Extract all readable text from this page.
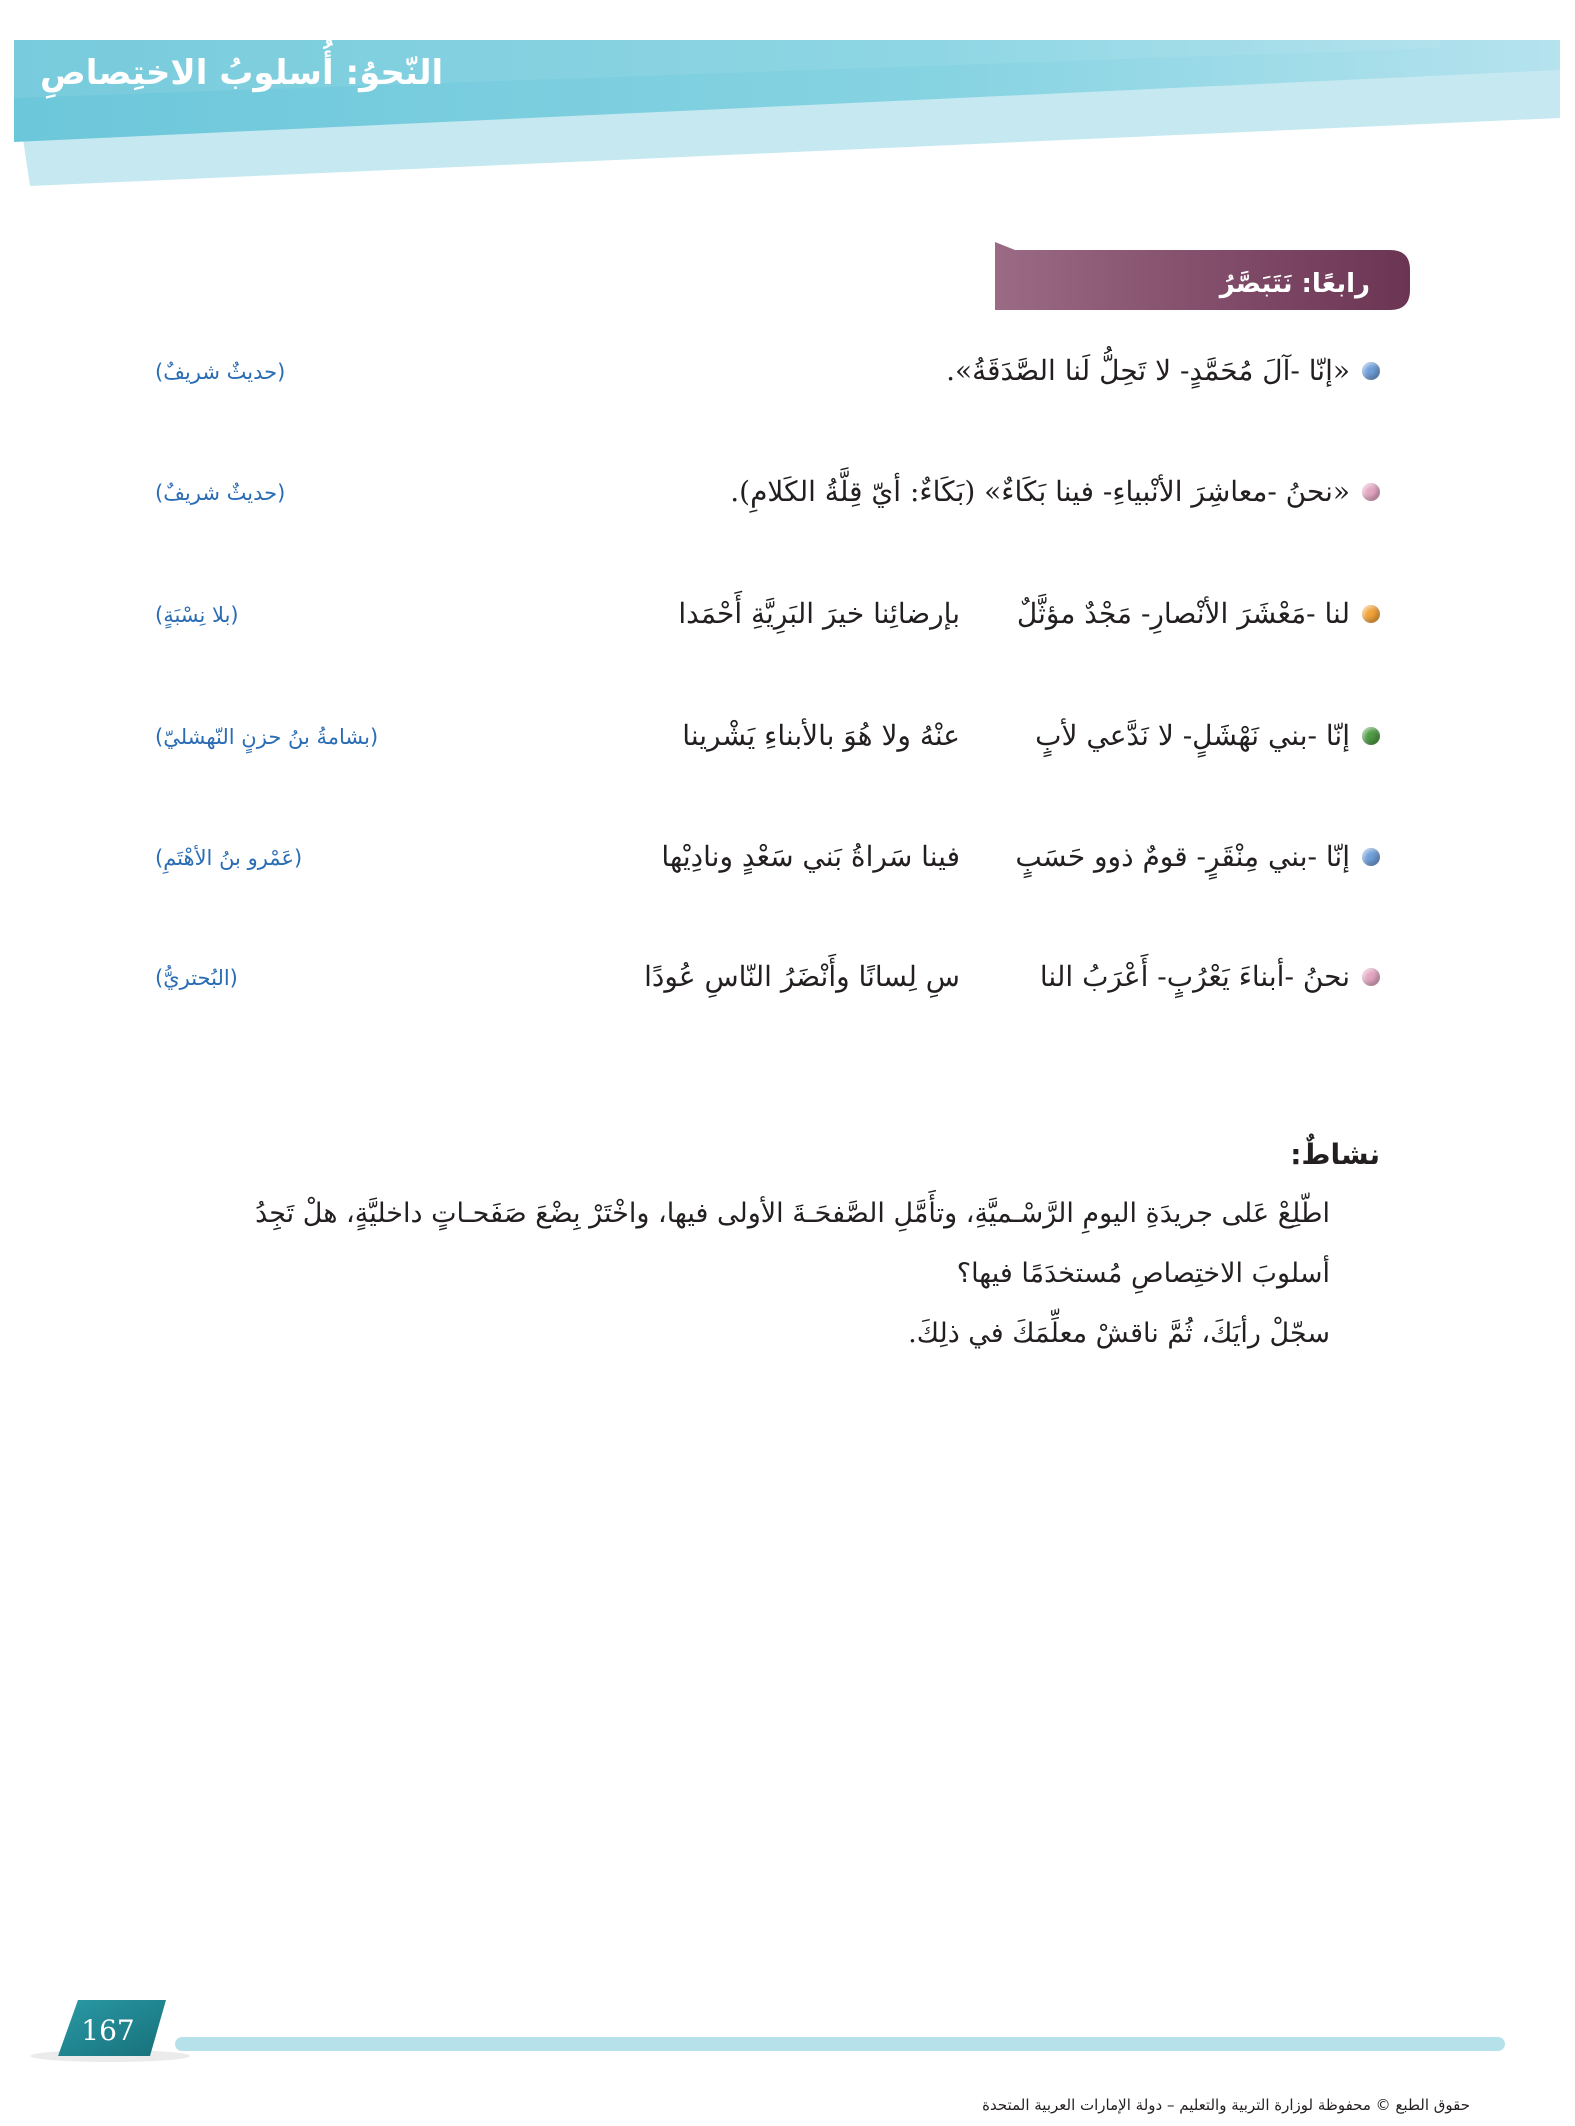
النّحوُ: أُسلوبُ الاختِصاصِ
رابعًا: نَتَبَصَّرُ
«إنّا -آلَ مُحَمَّدٍ- لا تَحِلُّ لَنا الصَّدَقَةُ».
(حديثٌ شريفٌ)
«نحنُ -معاشِرَ الأنْبياءِ- فينا بَكَاءٌ» (بَكَاءٌ: أيّ قِلَّةُ الكَلامِ).
(حديثٌ شريفٌ)
لنا -مَعْشَرَ الأنْصارِ- مَجْدٌ مؤثَّلٌ
بإرضائِنا خيرَ البَرِيَّةِ أَحْمَدا
(بلا نِسْبَةٍ)
إنّا -بني نَهْشَلٍ- لا نَدَّعي لأبٍ
عنْهُ ولا هُوَ بالأبناءِ يَشْرينا
(بشامةُ بنُ حزنٍ النّهشليّ)
إنّا -بني مِنْقَرٍ- قومٌ ذوو حَسَبٍ
فينا سَراةُ بَني سَعْدٍ ونادِيْها
(عَمْرو بنُ الأهْتَمِ)
نحنُ -أبناءَ يَعْرُبٍ- أَعْرَبُ النا
سِ لِسانًا وأَنْضَرُ النّاسِ عُودًا
(البُحتريُّ)
نشاطٌ:
اطّلِعْ عَلى جريدَةِ اليومِ الرَّسْـميَّةِ، وتأَمَّلِ الصَّفحَـةَ الأولى فيها، واخْتَرْ بِضْعَ صَفَحـاتٍ داخليَّةٍ، هلْ تَجِدُ
أسلوبَ الاختِصاصِ مُستخدَمًا فيها؟
سجّلْ رأيَكَ، ثُمَّ ناقشْ معلِّمَكَ في ذلِكَ.
167
حقوق الطبع © محفوظة لوزارة التربية والتعليم – دولة الإمارات العربية المتحدة
